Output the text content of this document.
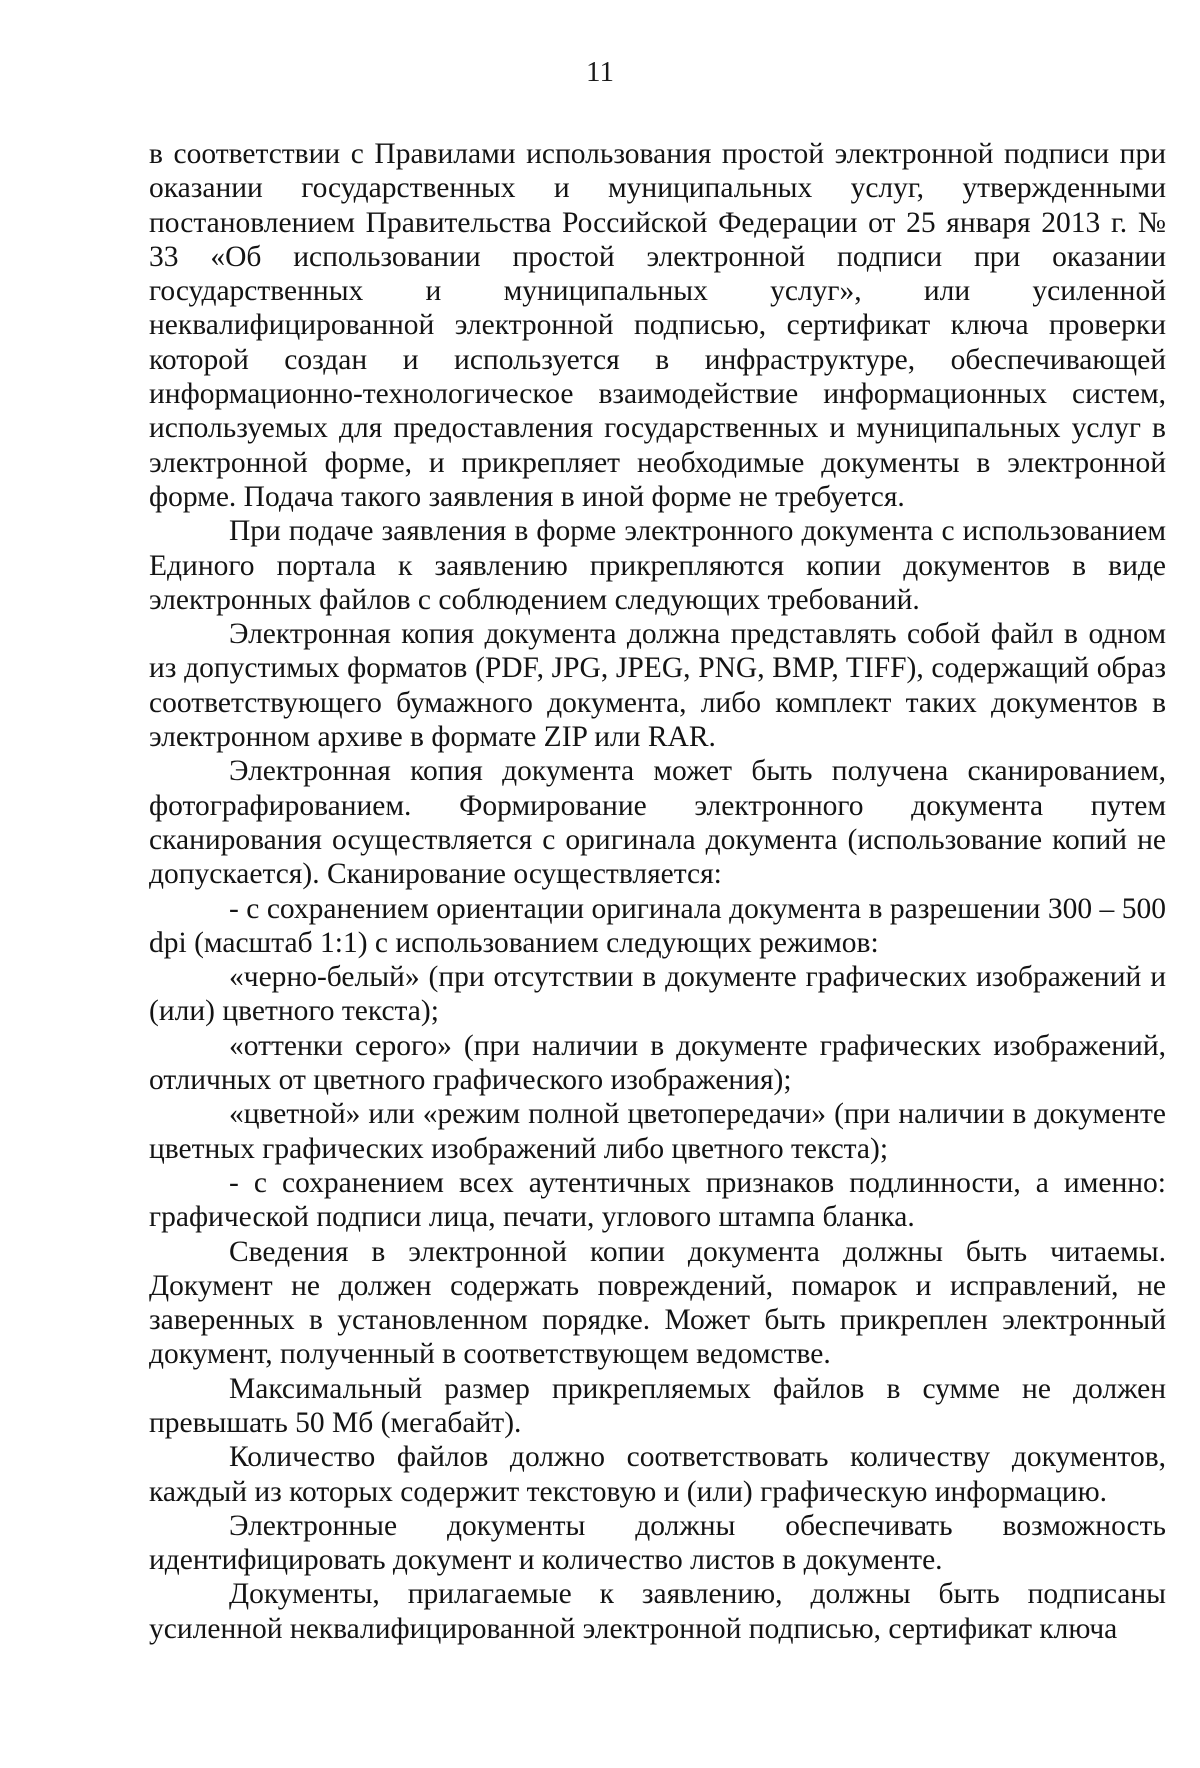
11

в соответствии с Правилами использования простой электронной подписи при оказании государственных и муниципальных услуг, утвержденными постановлением Правительства Российской Федерации от 25 января 2013 г. № 33 «Об использовании простой электронной подписи при оказании государственных и муниципальных услуг», или усиленной неквалифицированной электронной подписью, сертификат ключа проверки которой создан и используется в инфраструктуре, обеспечивающей информационно-технологическое взаимодействие информационных систем, используемых для предоставления государственных и муниципальных услуг в электронной форме, и прикрепляет необходимые документы в электронной форме. Подача такого заявления в иной форме не требуется.

При подаче заявления в форме электронного документа с использованием Единого портала к заявлению прикрепляются копии документов в виде электронных файлов с соблюдением следующих требований.

Электронная копия документа должна представлять собой файл в одном из допустимых форматов (PDF, JPG, JPEG, PNG, BMP, TIFF), содержащий образ соответствующего бумажного документа, либо комплект таких документов в электронном архиве в формате ZIP или RAR.

Электронная копия документа может быть получена сканированием, фотографированием. Формирование электронного документа путем сканирования осуществляется с оригинала документа (использование копий не допускается). Сканирование осуществляется:

- с сохранением ориентации оригинала документа в разрешении 300 – 500 dpi (масштаб 1:1) с использованием следующих режимов:

«черно-белый» (при отсутствии в документе графических изображений и (или) цветного текста);

«оттенки серого» (при наличии в документе графических изображений, отличных от цветного графического изображения);

«цветной» или «режим полной цветопередачи» (при наличии в документе цветных графических изображений либо цветного текста);

- с сохранением всех аутентичных признаков подлинности, а именно: графической подписи лица, печати, углового штампа бланка.

Сведения в электронной копии документа должны быть читаемы. Документ не должен содержать повреждений, помарок и исправлений, не заверенных в установленном порядке. Может быть прикреплен электронный документ, полученный в соответствующем ведомстве.

Максимальный размер прикрепляемых файлов в сумме не должен превышать 50 Мб (мегабайт).

Количество файлов должно соответствовать количеству документов, каждый из которых содержит текстовую и (или) графическую информацию.

Электронные документы должны обеспечивать возможность идентифицировать документ и количество листов в документе.

Документы, прилагаемые к заявлению, должны быть подписаны усиленной неквалифицированной электронной подписью, сертификат ключа
